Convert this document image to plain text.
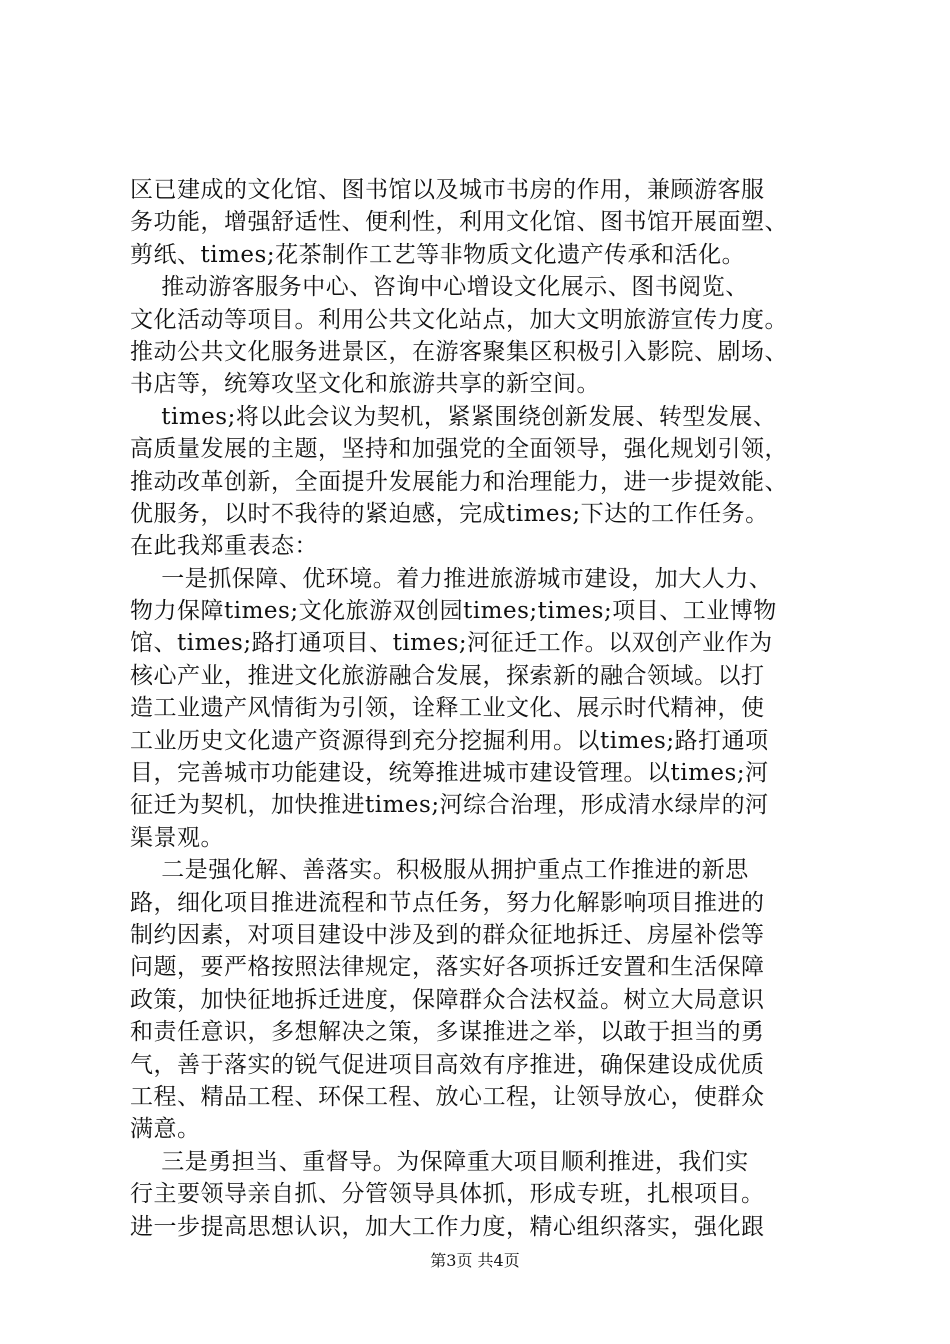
区已建成的文化馆、图书馆以及城市书房的作用，兼顾游客服
务功能，增强舒适性、便利性，利用文化馆、图书馆开展面塑、
剪纸、times;花茶制作工艺等非物质文化遗产传承和活化。
推动游客服务中心、咨询中心增设文化展示、图书阅览、
文化活动等项目。利用公共文化站点，加大文明旅游宣传力度。
推动公共文化服务进景区，在游客聚集区积极引入影院、剧场、
书店等，统筹攻坚文化和旅游共享的新空间。
times;将以此会议为契机，紧紧围绕创新发展、转型发展、
高质量发展的主题，坚持和加强党的全面领导，强化规划引领，
推动改革创新，全面提升发展能力和治理能力，进一步提效能、
优服务，以时不我待的紧迫感，完成times;下达的工作任务。
在此我郑重表态：
一是抓保障、优环境。着力推进旅游城市建设，加大人力、
物力保障times;文化旅游双创园times;times;项目、工业博物
馆、times;路打通项目、times;河征迁工作。以双创产业作为
核心产业，推进文化旅游融合发展，探索新的融合领域。以打
造工业遗产风情街为引领，诠释工业文化、展示时代精神，使
工业历史文化遗产资源得到充分挖掘利用。以times;路打通项
目，完善城市功能建设，统筹推进城市建设管理。以times;河
征迁为契机，加快推进times;河综合治理，形成清水绿岸的河
渠景观。
二是强化解、善落实。积极服从拥护重点工作推进的新思
路，细化项目推进流程和节点任务，努力化解影响项目推进的
制约因素，对项目建设中涉及到的群众征地拆迁、房屋补偿等
问题，要严格按照法律规定，落实好各项拆迁安置和生活保障
政策，加快征地拆迁进度，保障群众合法权益。树立大局意识
和责任意识，多想解决之策，多谋推进之举，以敢于担当的勇
气，善于落实的锐气促进项目高效有序推进，确保建设成优质
工程、精品工程、环保工程、放心工程，让领导放心，使群众
满意。
三是勇担当、重督导。为保障重大项目顺利推进，我们实
行主要领导亲自抓、分管领导具体抓，形成专班，扎根项目。
进一步提高思想认识，加大工作力度，精心组织落实，强化跟
第3页 共4页
